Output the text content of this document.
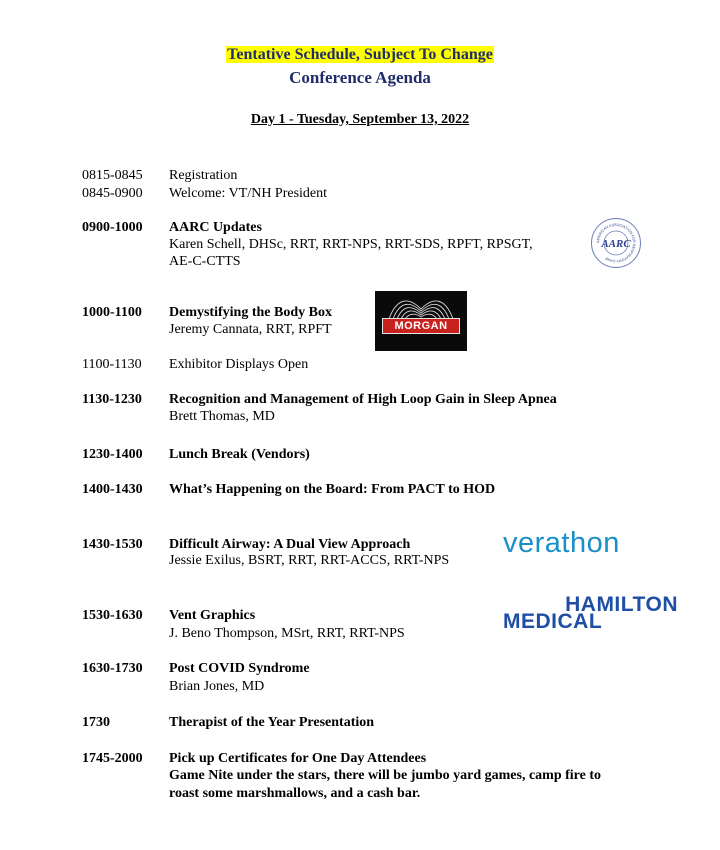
Tentative Schedule, Subject To Change
Conference Agenda
Day 1 - Tuesday, September 13, 2022
0815-0845 Registration
0845-0900 Welcome: VT/NH President
0900-1000 AARC Updates
Karen Schell, DHSc, RRT, RRT-NPS, RRT-SDS, RPFT, RPSGT,
AE-C-CTTS
1000-1100 Demystifying the Body Box
Jeremy Cannata, RRT, RPFT
1100-1130 Exhibitor Displays Open
1130-1230 Recognition and Management of High Loop Gain in Sleep Apnea
Brett Thomas, MD
1230-1400 Lunch Break (Vendors)
1400-1430 What’s Happening on the Board: From PACT to HOD
1430-1530 Difficult Airway: A Dual View Approach
Jessie Exilus, BSRT, RRT, RRT-ACCS, RRT-NPS
1530-1630 Vent Graphics
J. Beno Thompson, MSrt, RRT, RRT-NPS
1630-1730 Post COVID Syndrome
Brian Jones, MD
1730	Therapist of the Year Presentation
1745-2000 Pick up Certificates for One Day Attendees
Game Nite under the stars, there will be jumbo yard games, camp fire to
roast some marshmallows, and a cash bar.
AMERICAN ASSOCIATION FOR RESPIRATORY CARE
AARC
MORGAN
verathon
HAMILTON
MEDICAL
